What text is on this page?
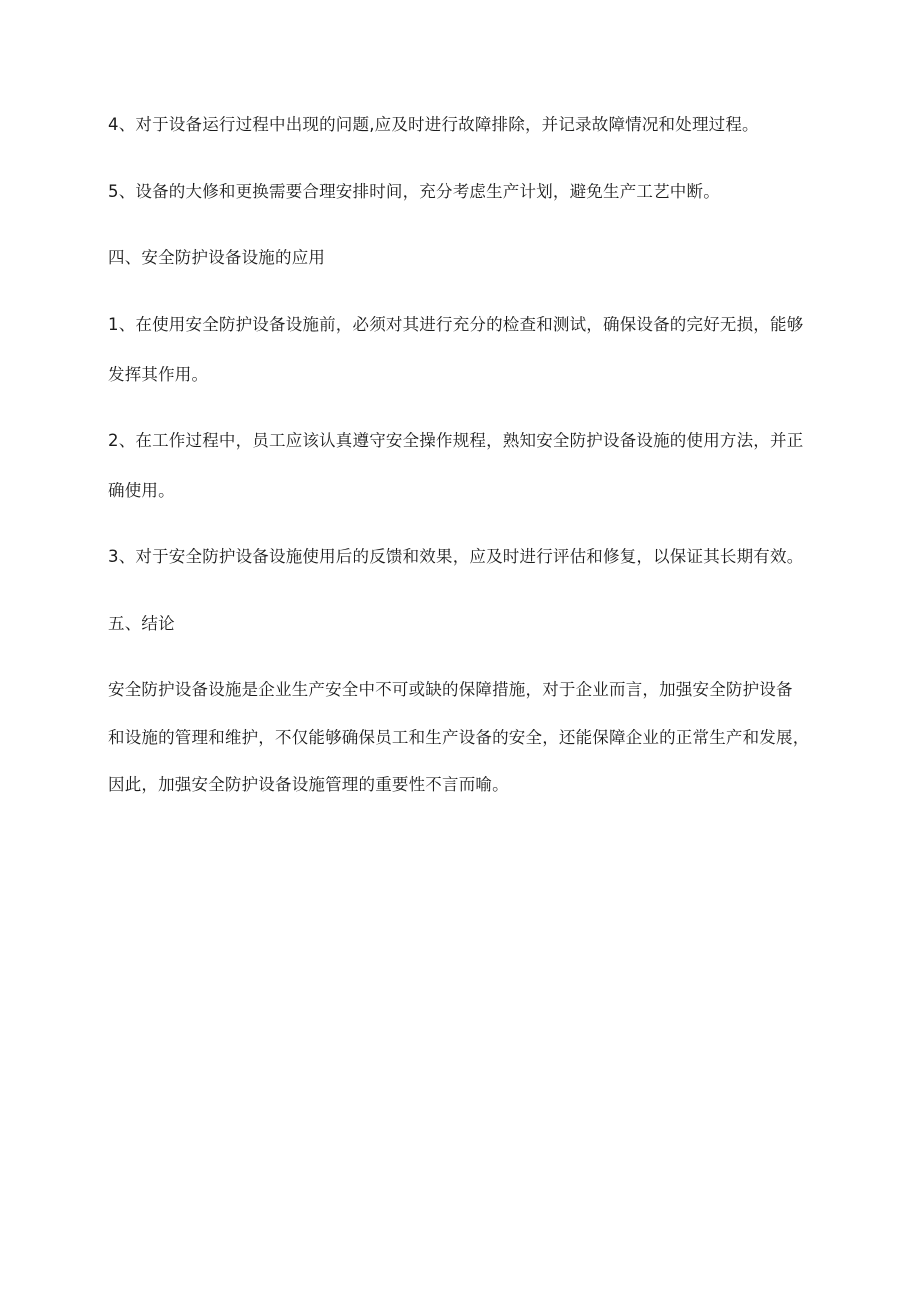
4、对于设备运行过程中出现的问题,应及时进行故障排除，并记录故障情况和处理过程。
5、设备的大修和更换需要合理安排时间，充分考虑生产计划，避免生产工艺中断。
四、安全防护设备设施的应用
1、在使用安全防护设备设施前，必须对其进行充分的检查和测试，确保设备的完好无损，能够
发挥其作用。
2、在工作过程中，员工应该认真遵守安全操作规程，熟知安全防护设备设施的使用方法，并正
确使用。
3、对于安全防护设备设施使用后的反馈和效果，应及时进行评估和修复，以保证其长期有效。
五、结论
安全防护设备设施是企业生产安全中不可或缺的保障措施，对于企业而言，加强安全防护设备
和设施的管理和维护，不仅能够确保员工和生产设备的安全，还能保障企业的正常生产和发展，
因此，加强安全防护设备设施管理的重要性不言而喻。
